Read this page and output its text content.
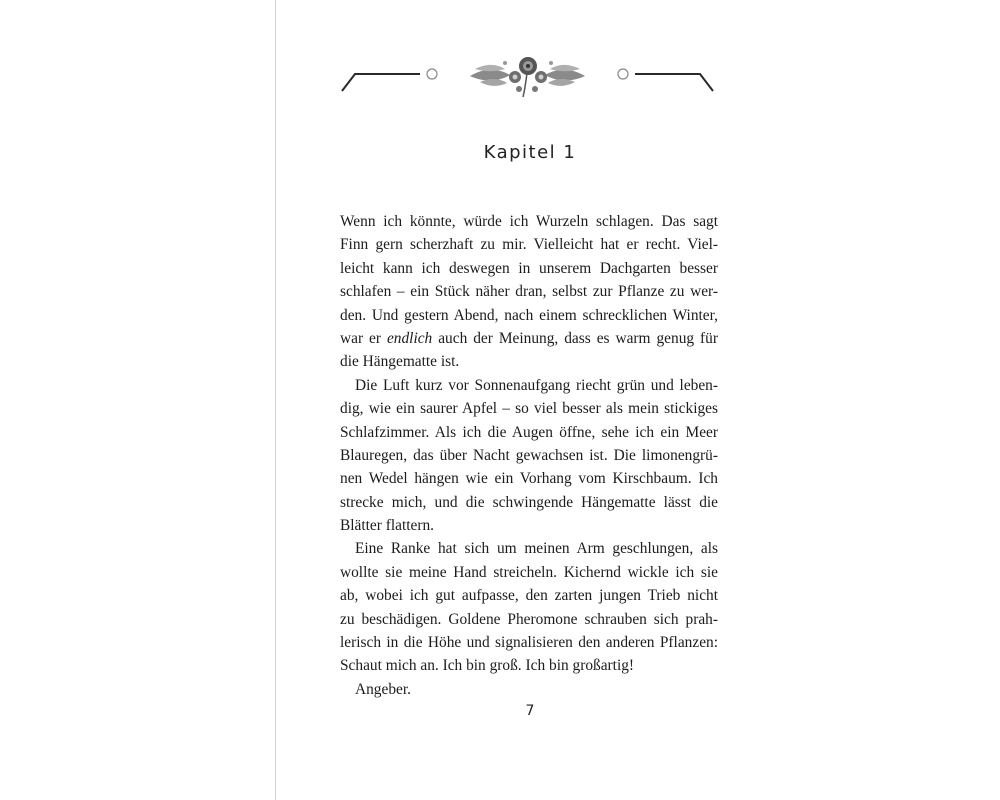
Kapitel 1
Wenn ich könnte, würde ich Wurzeln schlagen. Das sagt
Finn gern scherzhaft zu mir. Vielleicht hat er recht. Viel-
leicht kann ich deswegen in unserem Dachgarten besser
schlafen – ein Stück näher dran, selbst zur Pflanze zu wer-
den. Und gestern Abend, nach einem schrecklichen Winter,
war er endlich auch der Meinung, dass es warm genug für
die Hängematte ist.
Die Luft kurz vor Sonnenaufgang riecht grün und leben-
dig, wie ein saurer Apfel – so viel besser als mein stickiges
Schlafzimmer. Als ich die Augen öffne, sehe ich ein Meer
Blauregen, das über Nacht gewachsen ist. Die limonengrü-
nen Wedel hängen wie ein Vorhang vom Kirschbaum. Ich
strecke mich, und die schwingende Hängematte lässt die
Blätter flattern.
Eine Ranke hat sich um meinen Arm geschlungen, als
wollte sie meine Hand streicheln. Kichernd wickle ich sie
ab, wobei ich gut aufpasse, den zarten jungen Trieb nicht
zu beschädigen. Goldene Pheromone schrauben sich prah-
lerisch in die Höhe und signalisieren den anderen Pflanzen:
Schaut mich an. Ich bin groß. Ich bin großartig!
Angeber.
7
